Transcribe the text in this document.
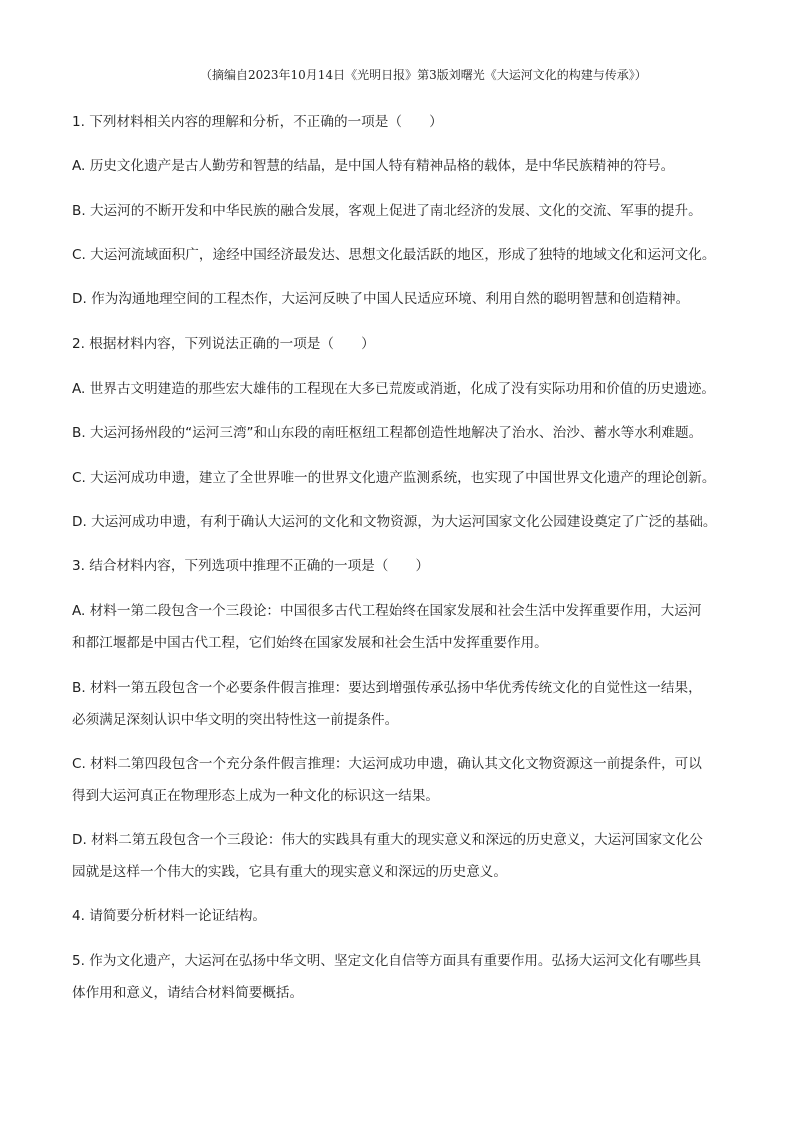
（摘编自2023年10月14日《光明日报》第3版刘曙光《大运河文化的构建与传承》）
1. 下列材料相关内容的理解和分析，不正确的一项是（　　）
A. 历史文化遗产是古人勤劳和智慧的结晶，是中国人特有精神品格的载体，是中华民族精神的符号。
B. 大运河的不断开发和中华民族的融合发展，客观上促进了南北经济的发展、文化的交流、军事的提升。
C. 大运河流域面积广，途经中国经济最发达、思想文化最活跃的地区，形成了独特的地域文化和运河文化。
D. 作为沟通地理空间的工程杰作，大运河反映了中国人民适应环境、利用自然的聪明智慧和创造精神。
2. 根据材料内容，下列说法正确的一项是（　　）
A. 世界古文明建造的那些宏大雄伟的工程现在大多已荒废或消逝，化成了没有实际功用和价值的历史遗迹。
B. 大运河扬州段的“运河三湾”和山东段的南旺枢纽工程都创造性地解决了治水、治沙、蓄水等水利难题。
C. 大运河成功申遗，建立了全世界唯一的世界文化遗产监测系统，也实现了中国世界文化遗产的理论创新。
D. 大运河成功申遗，有利于确认大运河的文化和文物资源，为大运河国家文化公园建设奠定了广泛的基础。
3. 结合材料内容，下列选项中推理不正确的一项是（　　）
A. 材料一第二段包含一个三段论：中国很多古代工程始终在国家发展和社会生活中发挥重要作用，大运河
和都江堰都是中国古代工程，它们始终在国家发展和社会生活中发挥重要作用。
B. 材料一第五段包含一个必要条件假言推理：要达到增强传承弘扬中华优秀传统文化的自觉性这一结果，
必须满足深刻认识中华文明的突出特性这一前提条件。
C. 材料二第四段包含一个充分条件假言推理：大运河成功申遗，确认其文化文物资源这一前提条件，可以
得到大运河真正在物理形态上成为一种文化的标识这一结果。
D. 材料二第五段包含一个三段论：伟大的实践具有重大的现实意义和深远的历史意义，大运河国家文化公
园就是这样一个伟大的实践，它具有重大的现实意义和深远的历史意义。
4. 请简要分析材料一论证结构。
5. 作为文化遗产，大运河在弘扬中华文明、坚定文化自信等方面具有重要作用。弘扬大运河文化有哪些具
体作用和意义，请结合材料简要概括。
